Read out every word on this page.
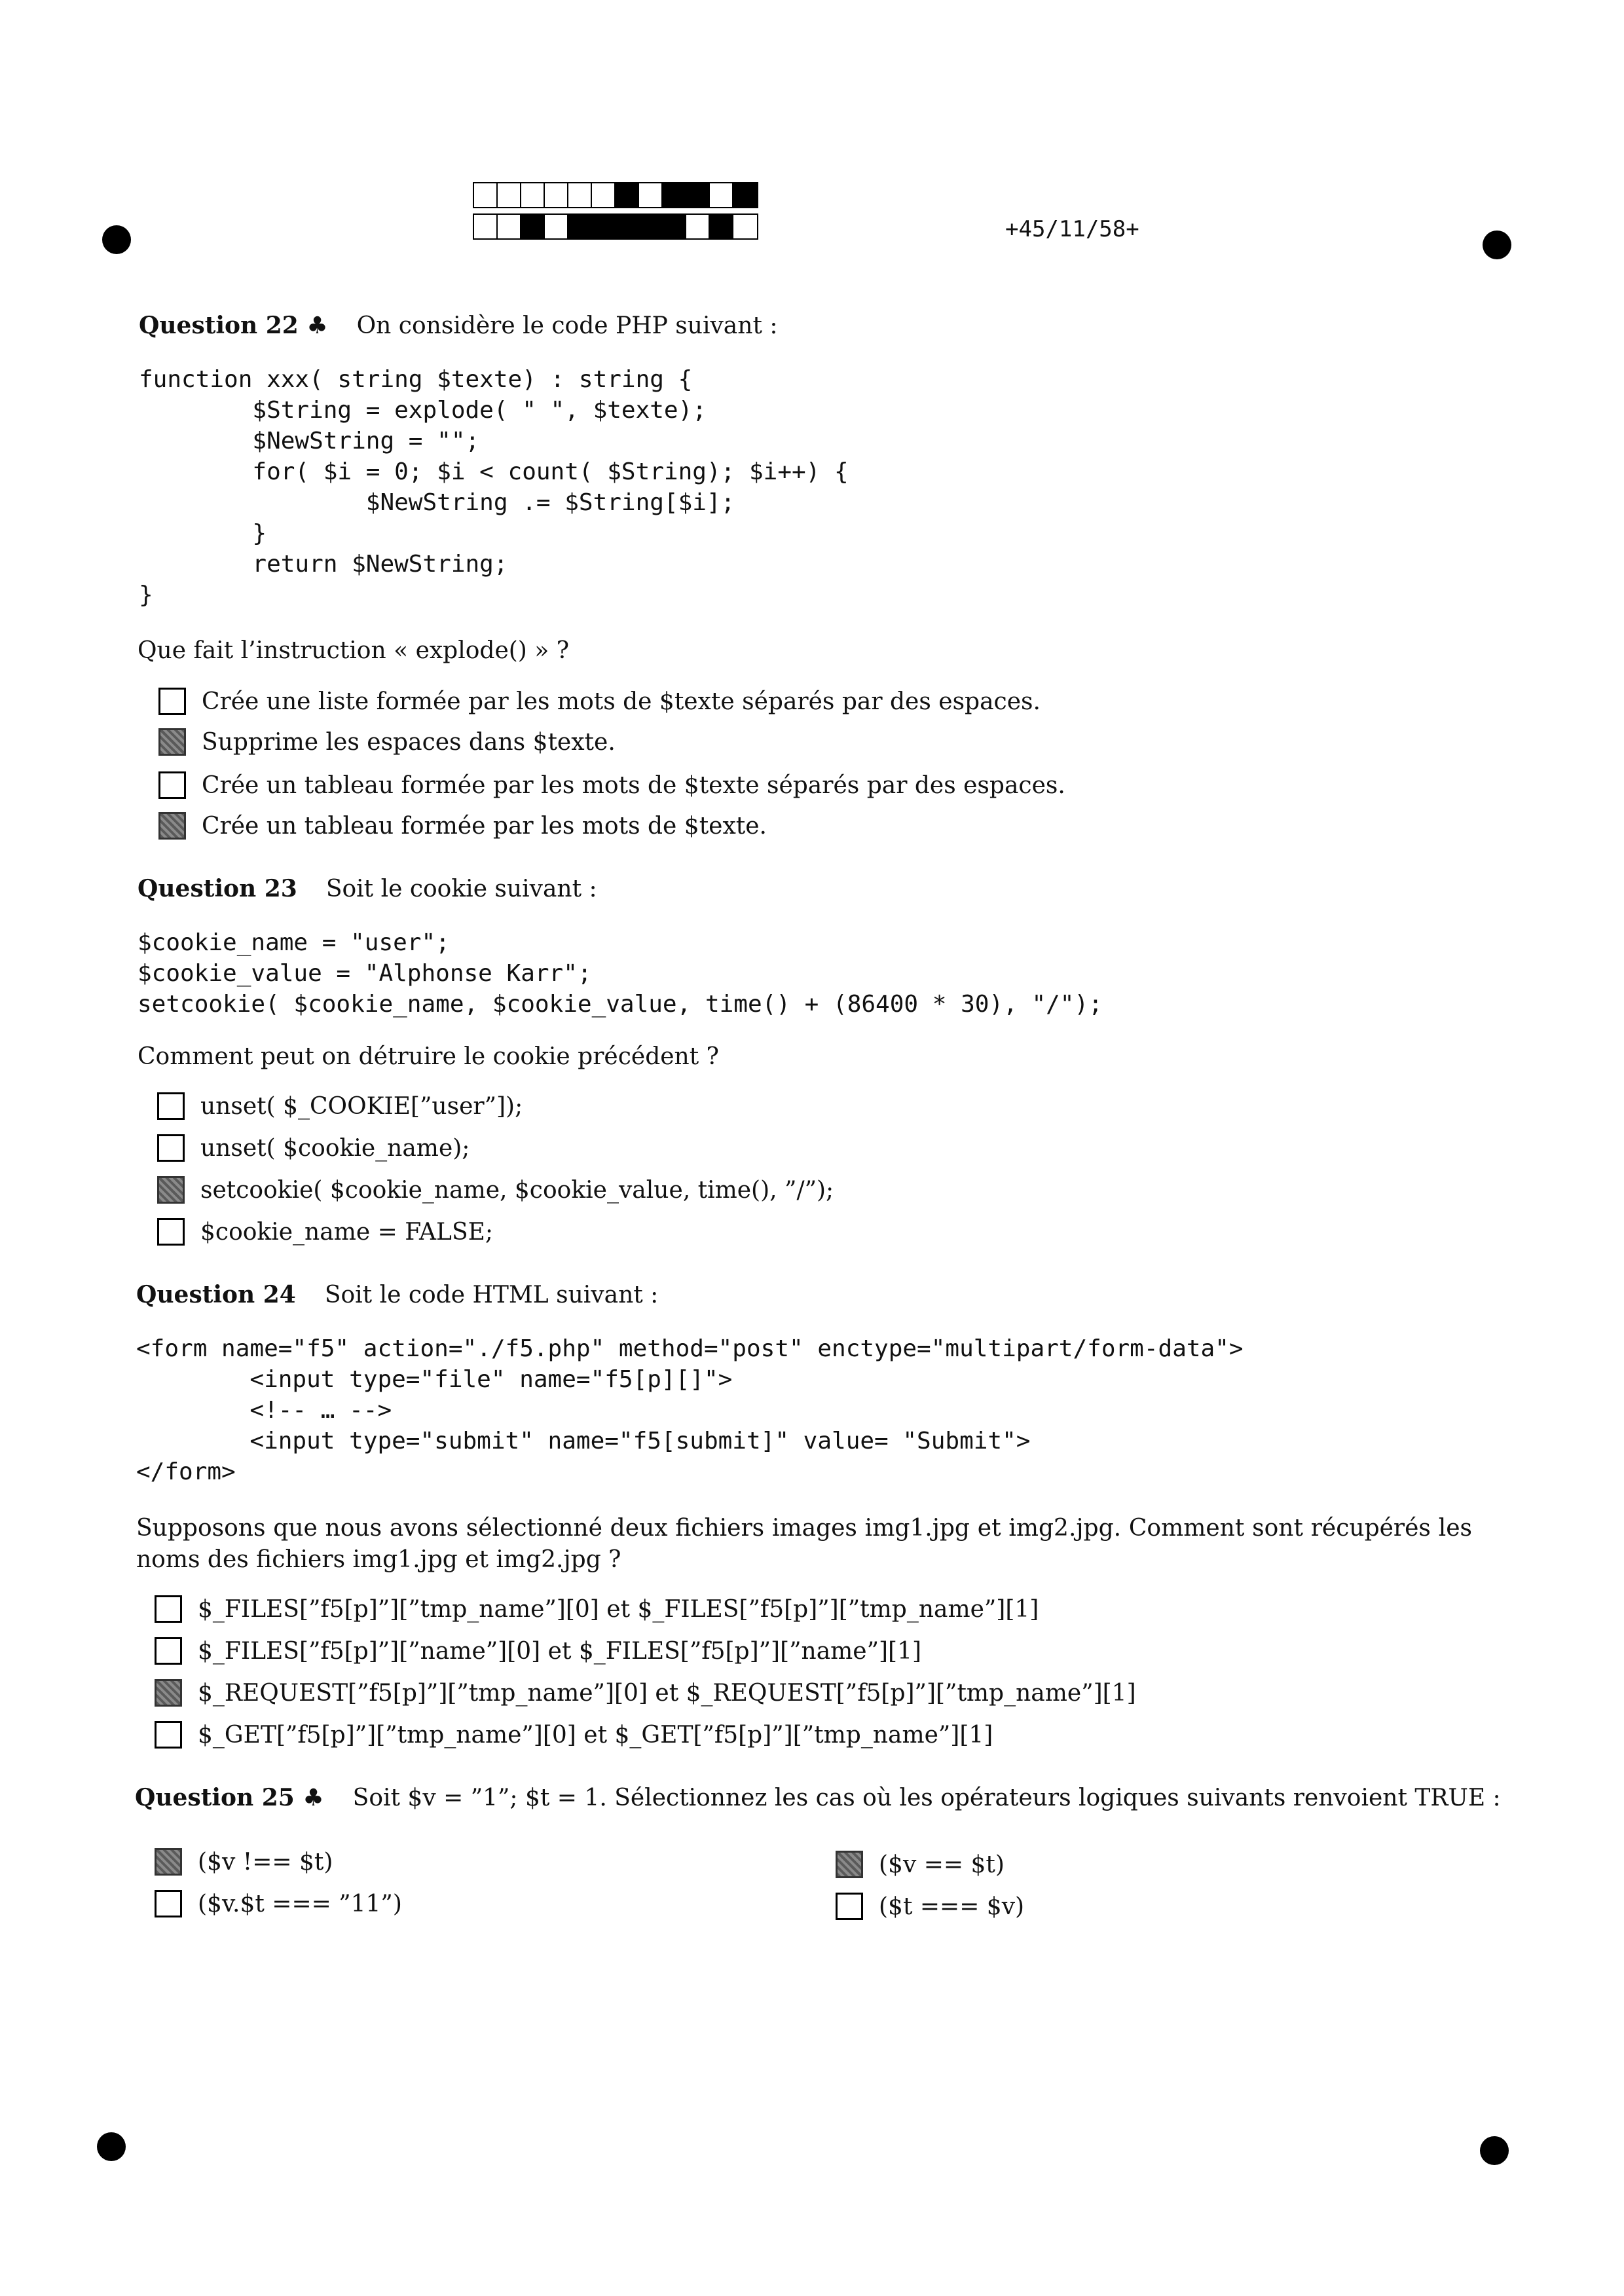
+45/11/58+
Question 22 ♣ On considère le code PHP suivant :
function xxx( string $texte) : string {
$String = explode( " ", $texte);
$NewString = "";
for( $i = 0; $i < count( $String); $i++) {
$NewString .= $String[$i];
}
return $NewString;
}
Que fait l’instruction « explode() » ?
Crée une liste formée par les mots de $texte séparés par des espaces.
Supprime les espaces dans $texte.
Crée un tableau formée par les mots de $texte séparés par des espaces.
Crée un tableau formée par les mots de $texte.
Question 23 Soit le cookie suivant :
$cookie_name = "user";
$cookie_value = "Alphonse Karr";
setcookie( $cookie_name, $cookie_value, time() + (86400 * 30), "/");
Comment peut on détruire le cookie précédent ?
unset( $_COOKIE[”user”]);
unset( $cookie_name);
setcookie( $cookie_name, $cookie_value, time(), ”/”);
$cookie_name = FALSE;
Question 24 Soit le code HTML suivant :
<form name="f5" action="./f5.php" method="post" enctype="multipart/form-data">
<input type="file" name="f5[p][]">
<!-- … -->
<input type="submit" name="f5[submit]" value= "Submit">
</form>
Supposons que nous avons sélectionné deux fichiers images img1.jpg et img2.jpg. Comment sont récupérés les noms des fichiers img1.jpg et img2.jpg ?
$_FILES[”f5[p]”][”tmp_name”][0] et $_FILES[”f5[p]”][”tmp_name”][1]
$_FILES[”f5[p]”][”name”][0] et $_FILES[”f5[p]”][”name”][1]
$_REQUEST[”f5[p]”][”tmp_name”][0] et $_REQUEST[”f5[p]”][”tmp_name”][1]
$_GET[”f5[p]”][”tmp_name”][0] et $_GET[”f5[p]”][”tmp_name”][1]
Question 25 ♣ Soit $v = ”1”; $t = 1. Sélectionnez les cas où les opérateurs logiques suivants renvoient TRUE :
($v !== $t)
($v.$t === ”11”)
($v == $t)
($t === $v)
